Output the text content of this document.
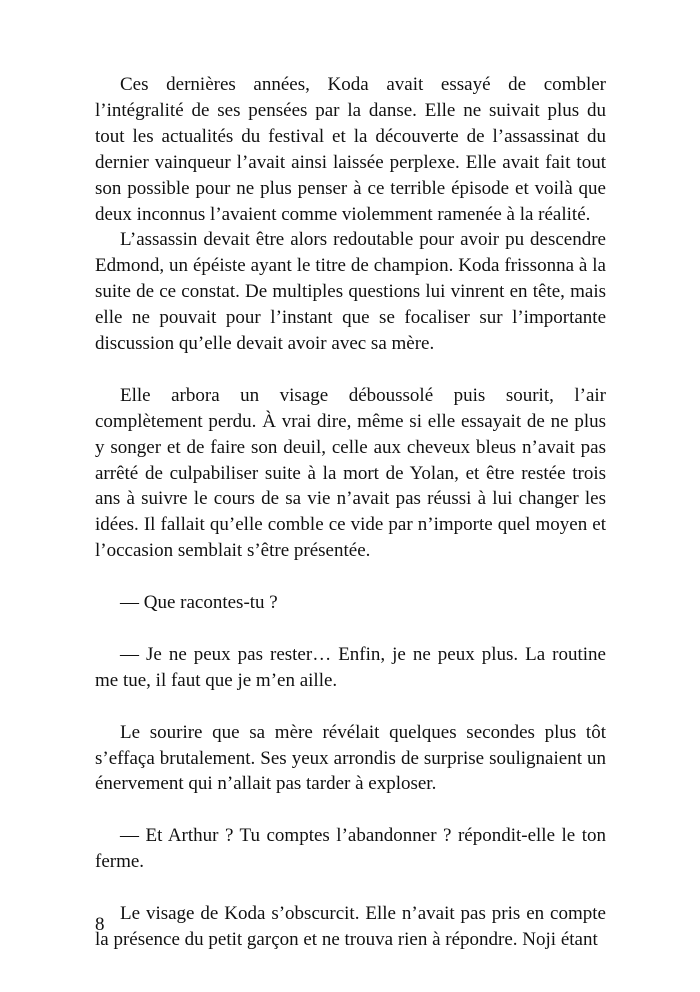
Ces dernières années, Koda avait essayé de combler l’intégralité de ses pensées par la danse. Elle ne suivait plus du tout les actualités du festival et la découverte de l’assassinat du dernier vainqueur l’avait ainsi laissée perplexe. Elle avait fait tout son possible pour ne plus penser à ce terrible épisode et voilà que deux inconnus l’avaient comme violemment ramenée à la réalité.

L’assassin devait être alors redoutable pour avoir pu descendre Edmond, un épéiste ayant le titre de champion. Koda frissonna à la suite de ce constat. De multiples questions lui vinrent en tête, mais elle ne pouvait pour l’instant que se focaliser sur l’importante discussion qu’elle devait avoir avec sa mère.

Elle arbora un visage déboussolé puis sourit, l’air complètement perdu. À vrai dire, même si elle essayait de ne plus y songer et de faire son deuil, celle aux cheveux bleus n’avait pas arrêté de culpabiliser suite à la mort de Yolan, et être restée trois ans à suivre le cours de sa vie n’avait pas réussi à lui changer les idées. Il fallait qu’elle comble ce vide par n’importe quel moyen et l’occasion semblait s’être présentée.

— Que racontes-tu ?

— Je ne peux pas rester… Enfin, je ne peux plus. La routine me tue, il faut que je m’en aille.

Le sourire que sa mère révélait quelques secondes plus tôt s’effaça brutalement. Ses yeux arrondis de surprise soulignaient un énervement qui n’allait pas tarder à exploser.

— Et Arthur ? Tu comptes l’abandonner ? répondit-elle le ton ferme.

Le visage de Koda s’obscurcit. Elle n’avait pas pris en compte la présence du petit garçon et ne trouva rien à répondre. Noji étant

8
